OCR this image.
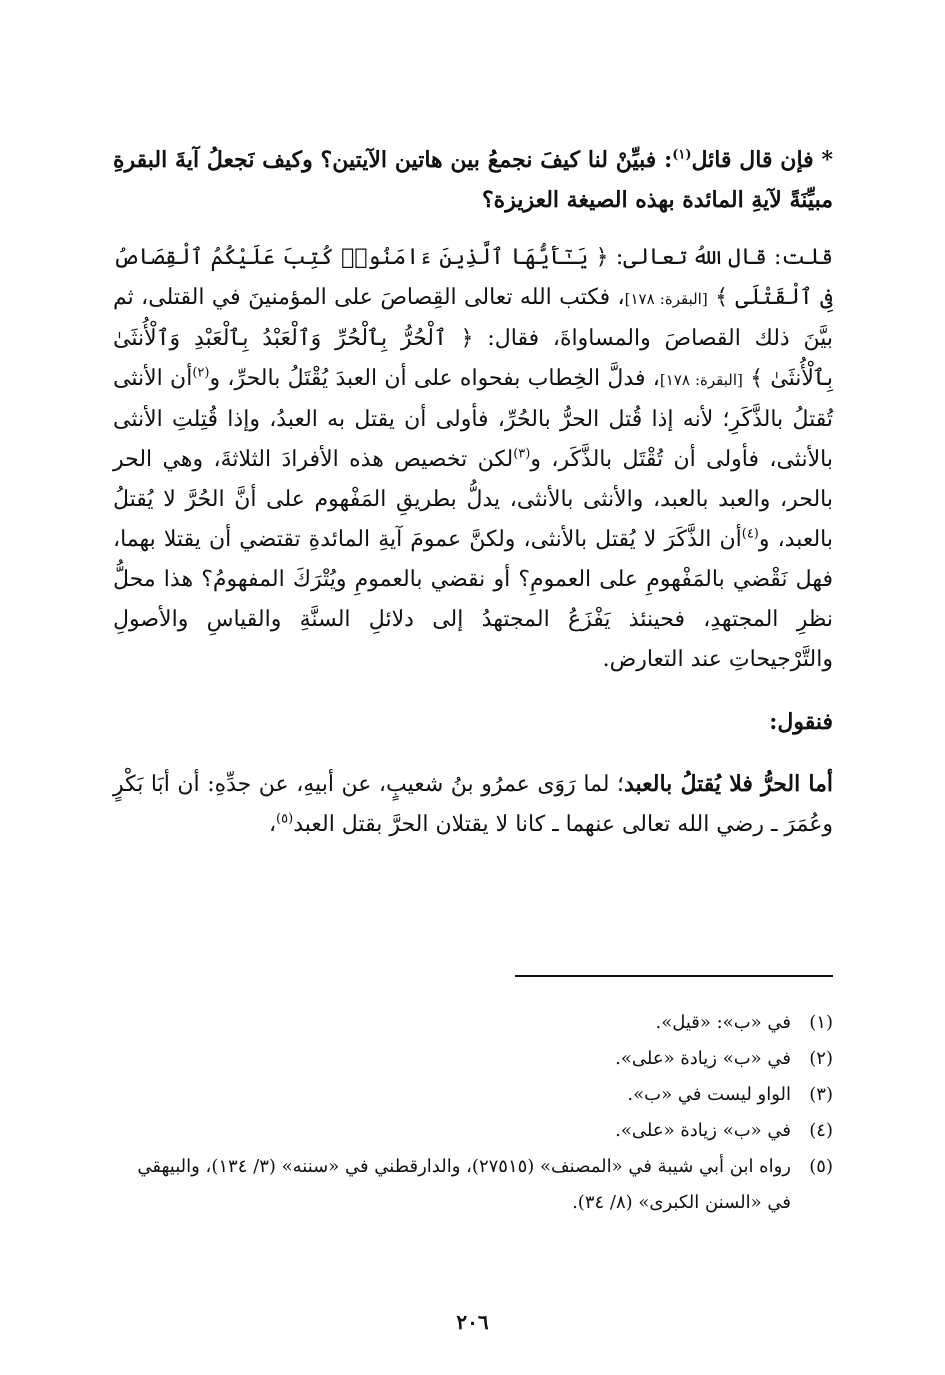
* فإن قال قائل$^{(١)}$: فبيِّنْ لنا كيفَ نجمعُ بين هاتين الآيتين؟ وكيف نَجعلُ آيةَ البقرةِ مبيِّنَةً لآيةِ المائدة بهذه الصيغة العزيزة؟

قلت: قال اللهُ تعالى: ﴿ يَـٰٓأَيُّهَا ٱلَّذِينَ ءَامَنُوا۟ كُتِبَ عَلَيْكُمُ ٱلْقِصَاصُ فِى ٱلْقَتْلَى ﴾ [البقرة: ١٧٨]، فكتب الله تعالى القِصاصَ على المؤمنينَ في القتلى، ثم بيَّنَ ذلك القصاصَ والمساواةَ، فقال: ﴿ ٱلْحُرُّ بِٱلْحُرِّ وَٱلْعَبْدُ بِٱلْعَبْدِ وَٱلْأُنثَىٰ بِٱلْأُنثَىٰ ﴾ [البقرة: ١٧٨]، فدلَّ الخِطاب بفحواه على أن العبدَ يُقْتَلُ بالحرِّ، و$^{(٢)}$أن الأنثى تُقتلُ بالذَّكَرِ؛ لأنه إذا قُتل الحرُّ بالحُرِّ، فأولى أن يقتل به العبدُ، وإذا قُتِلتِ الأنثى بالأنثى، فأولى أن تُقْتَل بالذَّكَر، و$^{(٣)}$لكن تخصيص هذه الأفرادَ الثلاثةَ، وهي الحر بالحر، والعبد بالعبد، والأنثى بالأنثى، يدلُّ بطريقِ المَفْهوم على أنَّ الحُرَّ لا يُقتلُ بالعبد، و$^{(٤)}$أن الذَّكَرَ لا يُقتل بالأنثى، ولكنَّ عمومَ آيةِ المائدةِ تقتضي أن يقتلا بهما، فهل نَقْضي بالمَفْهومِ على العمومِ؟ أو نقضي بالعمومِ ويُتْرَكَ المفهومُ؟ هذا محلُّ نظرِ المجتهدِ، فحينئذ يَفْزَعُ المجتهدُ إلى دلائلِ السنَّةِ والقياسِ والأصولِ والتَّرْجيحاتِ عند التعارض.

فنقول:

أما الحرُّ فلا يُقتلُ بالعبد؛ لما رَوَى عمرُو بنُ شعيبٍ، عن أبيهِ، عن جدِّهِ: أن أبَا بَكْرٍ وعُمَرَ ـ رضي الله تعالى عنهما ـ كانا لا يقتلان الحرَّ بقتل العبد$^{(٥)}$،

(١)
في «ب»: «قيل».
(٢)
في «ب» زيادة «على».
(٣)
الواو ليست في «ب».
(٤)
في «ب» زيادة «على».
(٥)
رواه ابن أبي شيبة في «المصنف» (٢٧٥١٥)، والدارقطني في «سننه» (٣/ ١٣٤)، والبيهقي في «السنن الكبرى» (٨/ ٣٤).
٢٠٦
